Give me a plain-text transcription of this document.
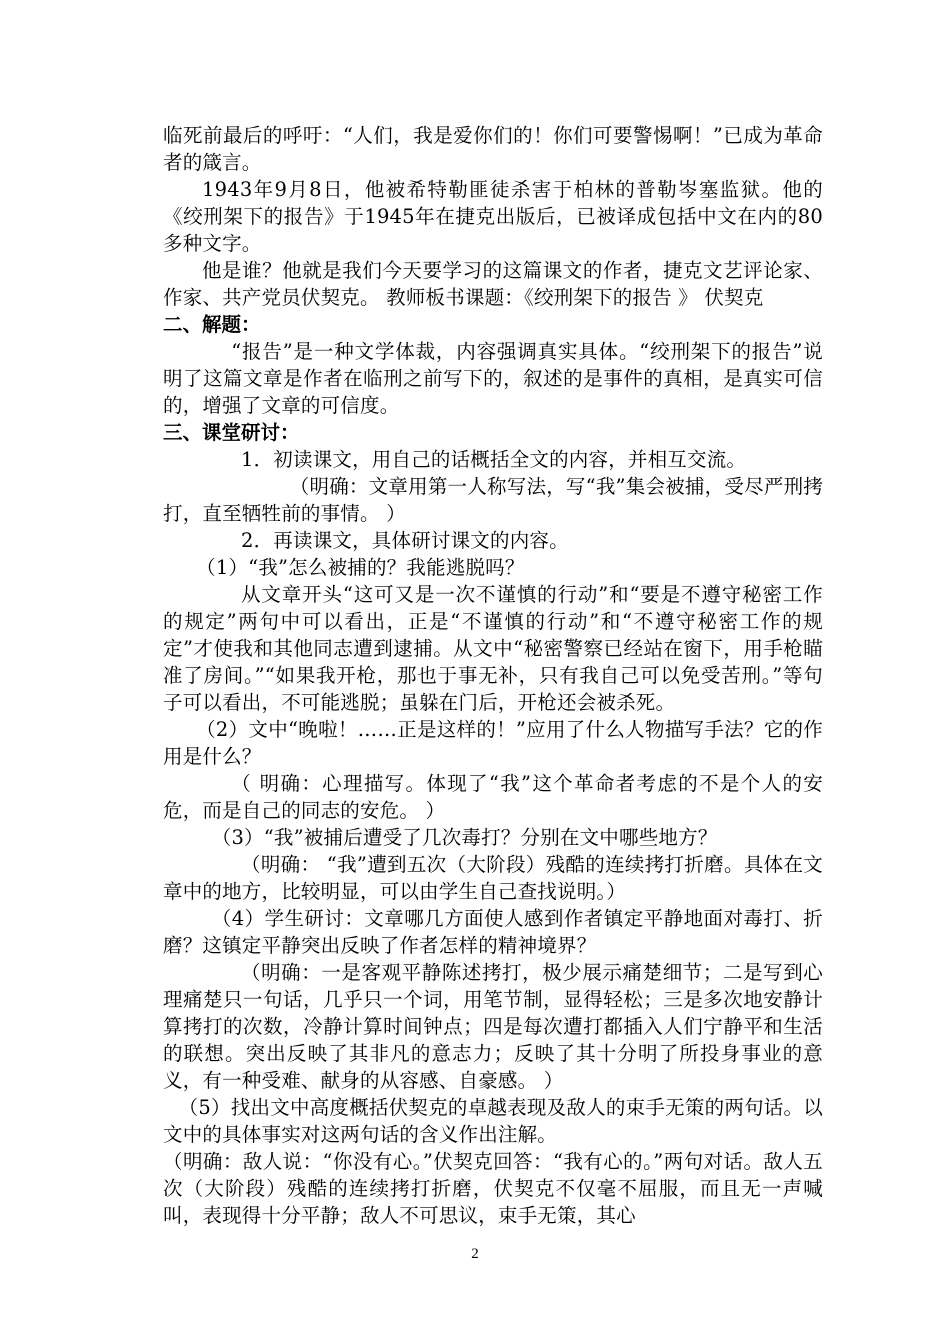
临死前最后的呼吁：“人们，我是爱你们的！你们可要警惕啊！”已成为革命者的箴言。

1943年9月8日，他被希特勒匪徒杀害于柏林的普勒岑塞监狱。他的《绞刑架下的报告》于1945年在捷克出版后，已被译成包括中文在内的80多种文字。

他是谁？他就是我们今天要学习的这篇课文的作者，捷克文艺评论家、作家、共产党员伏契克。 教师板书课题：《绞刑架下的报告 》 伏契克

二、解题：

“报告”是一种文学体裁，内容强调真实具体。“绞刑架下的报告”说明了这篇文章是作者在临刑之前写下的，叙述的是事件的真相，是真实可信的，增强了文章的可信度。

三、课堂研讨：

1．初读课文，用自己的话概括全文的内容，并相互交流。

（明确：文章用第一人称写法，写“我”集会被捕，受尽严刑拷打，直至牺牲前的事情。 ）

2．再读课文，具体研讨课文的内容。

（1）“我”怎么被捕的？我能逃脱吗？

从文章开头“这可又是一次不谨慎的行动”和“要是不遵守秘密工作的规定”两句中可以看出，正是“不谨慎的行动”和“不遵守秘密工作的规定”才使我和其他同志遭到逮捕。从文中“秘密警察已经站在窗下，用手枪瞄准了房间。”“如果我开枪，那也于事无补，只有我自己可以免受苦刑。”等句子可以看出，不可能逃脱；虽躲在门后，开枪还会被杀死。

（2）文中“晚啦！……正是这样的！”应用了什么人物描写手法？它的作用是什么？

（ 明确：心理描写。体现了“我”这个革命者考虑的不是个人的安危，而是自己的同志的安危。 ）

（3）“我”被捕后遭受了几次毒打？分别在文中哪些地方？

（明确： “我”遭到五次（大阶段）残酷的连续拷打折磨。具体在文章中的地方，比较明显，可以由学生自己查找说明。）

（4）学生研讨：文章哪几方面使人感到作者镇定平静地面对毒打、折磨？这镇定平静突出反映了作者怎样的精神境界？

（明确：一是客观平静陈述拷打，极少展示痛楚细节；二是写到心理痛楚只一句话，几乎只一个词，用笔节制，显得轻松；三是多次地安静计算拷打的次数，冷静计算时间钟点；四是每次遭打都插入人们宁静平和生活的联想。突出反映了其非凡的意志力；反映了其十分明了所投身事业的意义，有一种受难、献身的从容感、自豪感。 ）

（5）找出文中高度概括伏契克的卓越表现及敌人的束手无策的两句话。以文中的具体事实对这两句话的含义作出注解。

（明确：敌人说：“你没有心。”伏契克回答：“我有心的。”两句对话。敌人五次（大阶段）残酷的连续拷打折磨，伏契克不仅毫不屈服，而且无一声喊叫，表现得十分平静；敌人不可思议，束手无策，其心

2
